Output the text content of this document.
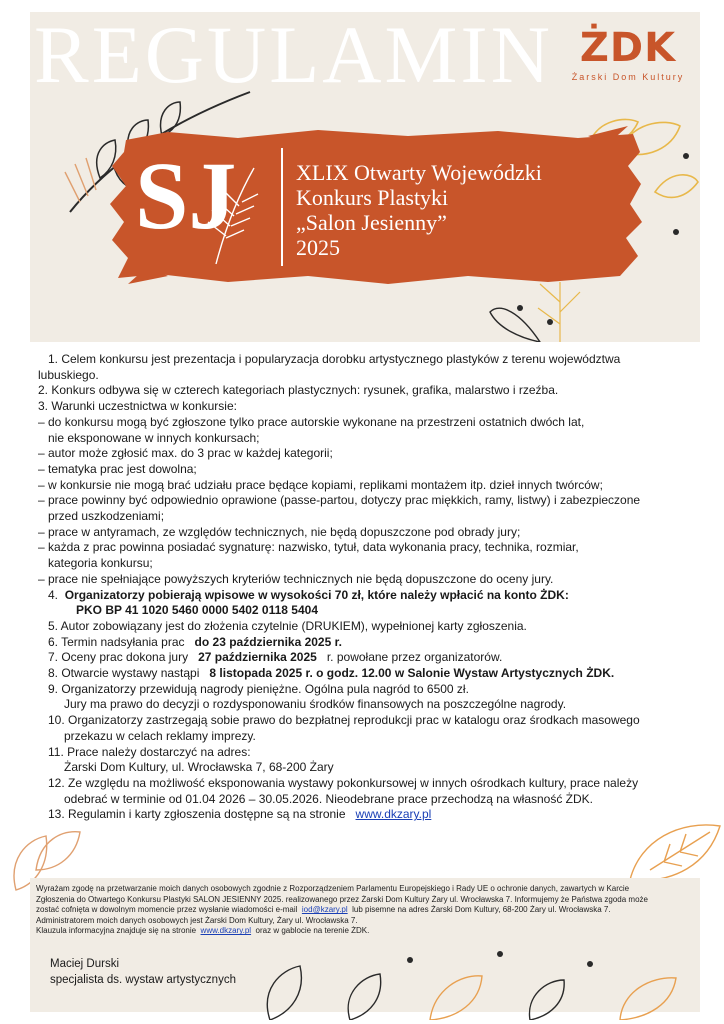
REGULAMIN ŻDK
Żarski Dom Kultury
SJ	XLIX Otwarty Wojewódzki
Konkurs Plastyki
„Salon Jesienny”
2025
1. Celem konkursu jest prezentacja i popularyzacja dorobku artystycznego plastyków z terenu województwa
lubuskiego.
2. Konkurs odbywa się w czterech kategoriach plastycznych: rysunek, grafika, malarstwo i rzeźba.
3. Warunki uczestnictwa w konkursie:
– do konkursu mogą być zgłoszone tylko prace autorskie wykonane na przestrzeni ostatnich dwóch lat,
nie eksponowane w innych konkursach;
– autor może zgłosić max. do 3 prac w każdej kategorii;
– tematyka prac jest dowolna;
– w konkursie nie mogą brać udziału prace będące kopiami, replikami montażem itp. dzieł innych twórców;
– prace powinny być odpowiednio oprawione (passe-partou, dotyczy prac miękkich, ramy, listwy) i zabezpieczone
przed uszkodzeniami;
– prace w antyramach, ze względów technicznych, nie będą dopuszczone pod obrady jury;
– każda z prac powinna posiadać sygnaturę: nazwisko, tytuł, data wykonania pracy, technika, rozmiar,
kategoria konkursu;
– prace nie spełniające powyższych kryteriów technicznych nie będą dopuszczone do oceny jury.
4. Organizatorzy pobierają wpisowe w wysokości 70 zł, które należy wpłacić na konto ŻDK:
PKO BP 41 1020 5460 0000 5402 0118 5404
5. Autor zobowiązany jest do złożenia czytelnie (DRUKIEM), wypełnionej karty zgłoszenia.
6. Termin nadsyłania prac do 23 października 2025 r.
7. Oceny prac dokona jury 27 października 2025 r. powołane przez organizatorów.
8. Otwarcie wystawy nastąpi 8 listopada 2025 r. o godz. 12.00 w Salonie Wystaw Artystycznych ŻDK.
9. Organizatorzy przewidują nagrody pieniężne. Ogólna pula nagród to 6500 zł.
Jury ma prawo do decyzji o rozdysponowaniu środków finansowych na poszczególne nagrody.
10. Organizatorzy zastrzegają sobie prawo do bezpłatnej reprodukcji prac w katalogu oraz środkach masowego
przekazu w celach reklamy imprezy.
11. Prace należy dostarczyć na adres:
Żarski Dom Kultury, ul. Wrocławska 7, 68-200 Żary
12. Ze względu na możliwość eksponowania wystawy pokonkursowej w innych ośrodkach kultury, prace należy
odebrać w terminie od 01.04 2026 – 30.05.2026. Nieodebrane prace przechodzą na własność ŻDK.
13. Regulamin i karty zgłoszenia dostępne są na stronie www.dkzary.pl
Wyrażam zgodę na przetwarzanie moich danych osobowych zgodnie z Rozporządzeniem Parlamentu Europejskiego i Rady UE o ochronie danych, zawartych w Karcie
Zgłoszenia do Otwartego Konkursu Plastyki SALON JESIENNY 2025. realizowanego przez Żarski Dom Kultury Żary ul. Wrocławska 7. Informujemy że Państwa zgoda może
zostać cofnięta w dowolnym momencie przez wysłanie wiadomości e-mail iod@kzary.pl lub pisemne na adres Żarski Dom Kultury, 68-200 Żary ul. Wrocławska 7.
Administratorem moich danych osobowych jest Żarski Dom Kultury, Żary ul. Wrocławska 7.
Klauzula informacyjna znajduje się na stronie www.dkzary.pl oraz w gablocie na terenie ŻDK.
Maciej Durski
specjalista ds. wystaw artystycznych
